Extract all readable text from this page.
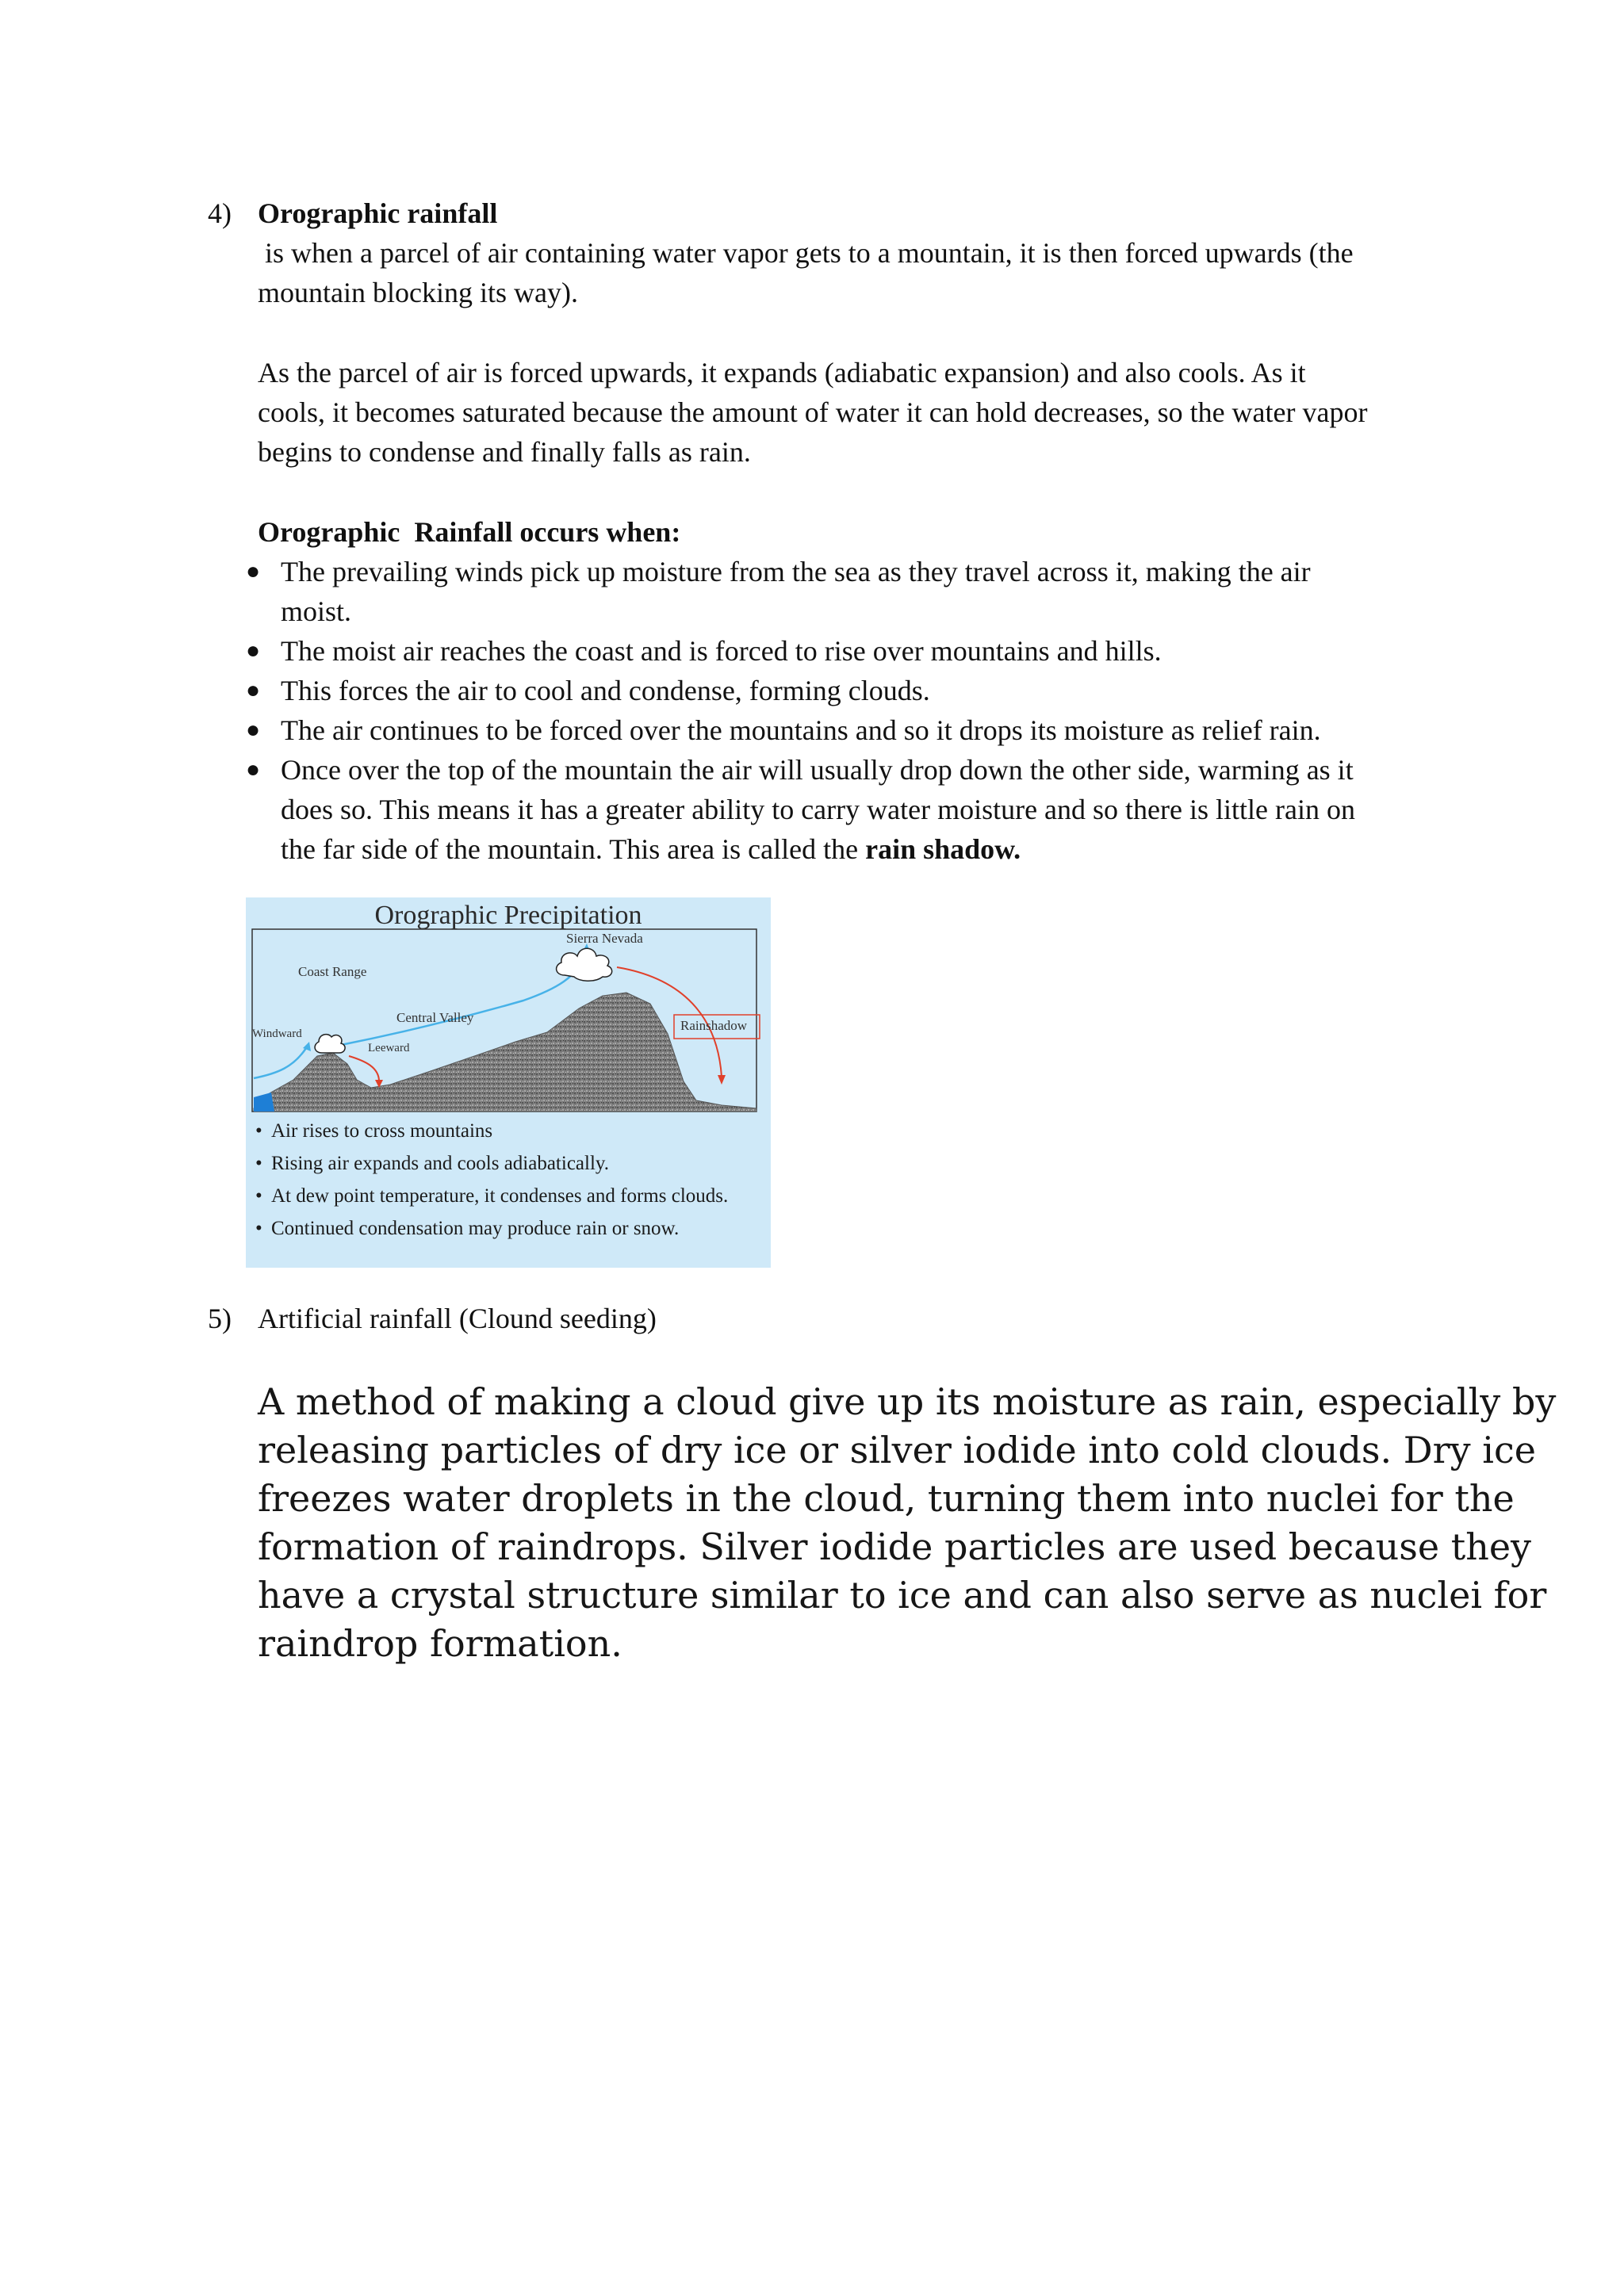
4) Orographic rainfall
is when a parcel of air containing water vapor gets to a mountain, it is then forced upwards (the
mountain blocking its way).
As the parcel of air is forced upwards, it expands (adiabatic expansion) and also cools. As it
cools, it becomes saturated because the amount of water it can hold decreases, so the water vapor
begins to condense and finally falls as rain.
Orographic  Rainfall occurs when:
● The prevailing winds pick up moisture from the sea as they travel across it, making the air
moist.
● The moist air reaches the coast and is forced to rise over mountains and hills.
● This forces the air to cool and condense, forming clouds.
● The air continues to be forced over the mountains and so it drops its moisture as relief rain.
● Once over the top of the mountain the air will usually drop down the other side, warming as it
does so. This means it has a greater ability to carry water moisture and so there is little rain on
the far side of the mountain. This area is called the rain shadow.
Orographic Precipitation
Sierra Nevada
Coast Range
Central Valley
Windward
Leeward
Rainshadow
• Air rises to cross mountains
• Rising air expands and cools adiabatically.
• At dew point temperature, it condenses and forms clouds.
• Continued condensation may produce rain or snow.
5) Artificial rainfall (Clound seeding)
A method of making a cloud give up its moisture as rain, especially by
releasing particles of dry ice or silver iodide into cold clouds. Dry ice
freezes water droplets in the cloud, turning them into nuclei for the
formation of raindrops. Silver iodide particles are used because they
have a crystal structure similar to ice and can also serve as nuclei for
raindrop formation.
